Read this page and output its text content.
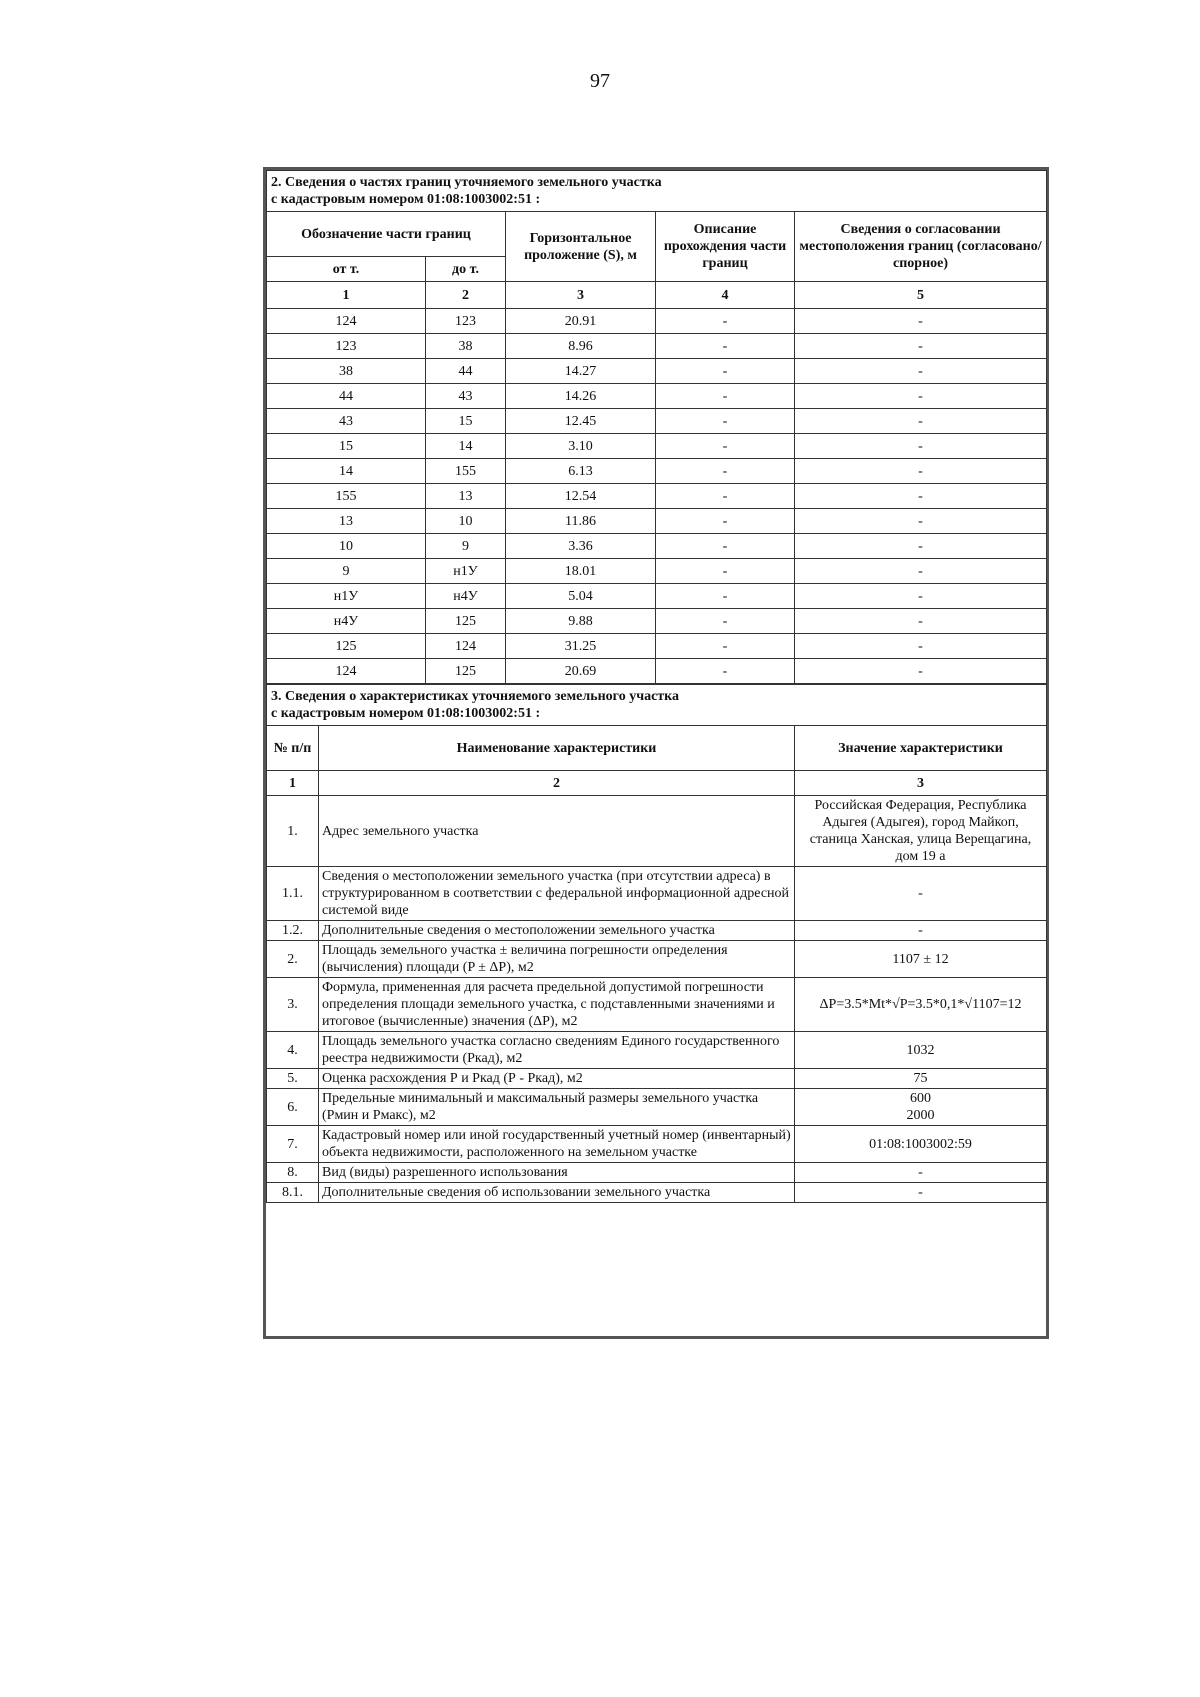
97
2. Сведения о частях границ уточняемого земельного участка
с кадастровым номером 01:08:1003002:51 :				

Обозначение части границ		Горизонтальное проложение (S), м	Описание прохождения части границ	Сведения о согласовании местоположения границ (согласовано/спорное)
от т.	до т.			
1	2	3	4	5
124	123	20.91	-	-
123	38	8.96	-	-
38	44	14.27	-	-
44	43	14.26	-	-
43	15	12.45	-	-
15	14	3.10	-	-
14	155	6.13	-	-
155	13	12.54	-	-
13	10	11.86	-	-
10	9	3.36	-	-
9	н1У	18.01	-	-
н1У	н4У	5.04	-	-
н4У	125	9.88	-	-
125	124	31.25	-	-
124	125	20.69	-	-
3. Сведения о характеристиках уточняемого земельного участка
с кадастровым номером 01:08:1003002:51 :		

№ п/п	Наименование характеристики	Значение характеристики
1	2	3
1.	Адрес земельного участка	Российская Федерация, Республика Адыгея (Адыгея), город Майкоп, станица Ханская, улица Верещагина, дом 19 а
1.1.	Сведения о местоположении земельного участка (при отсутствии адреса) в структурированном в соответствии с федеральной информационной адресной системой виде	-
1.2.	Дополнительные сведения о местоположении земельного участка	-
2.	Площадь земельного участка ± величина погрешности определения (вычисления) площади (P ± ΔP), м2	1107 ± 12
3.	Формула, примененная для расчета предельной допустимой погрешности определения площади земельного участка, с подставленными значениями и итоговое (вычисленные) значения (ΔP), м2	ΔP=3.5*Mt*√P=3.5*0,1*√1107=12
4.	Площадь земельного участка согласно сведениям Единого государственного реестра недвижимости (Ркад), м2	1032
5.	Оценка расхождения Р и Ркад (Р - Ркад), м2	75
6.	Предельные минимальный и максимальный размеры земельного участка (Рмин и Рмакс), м2	600
2000
7.	Кадастровый номер или иной государственный учетный номер (инвентарный) объекта недвижимости, расположенного на земельном участке	01:08:1003002:59
8.	Вид (виды) разрешенного использования	-
8.1.	Дополнительные сведения об использовании земельного участка	-
